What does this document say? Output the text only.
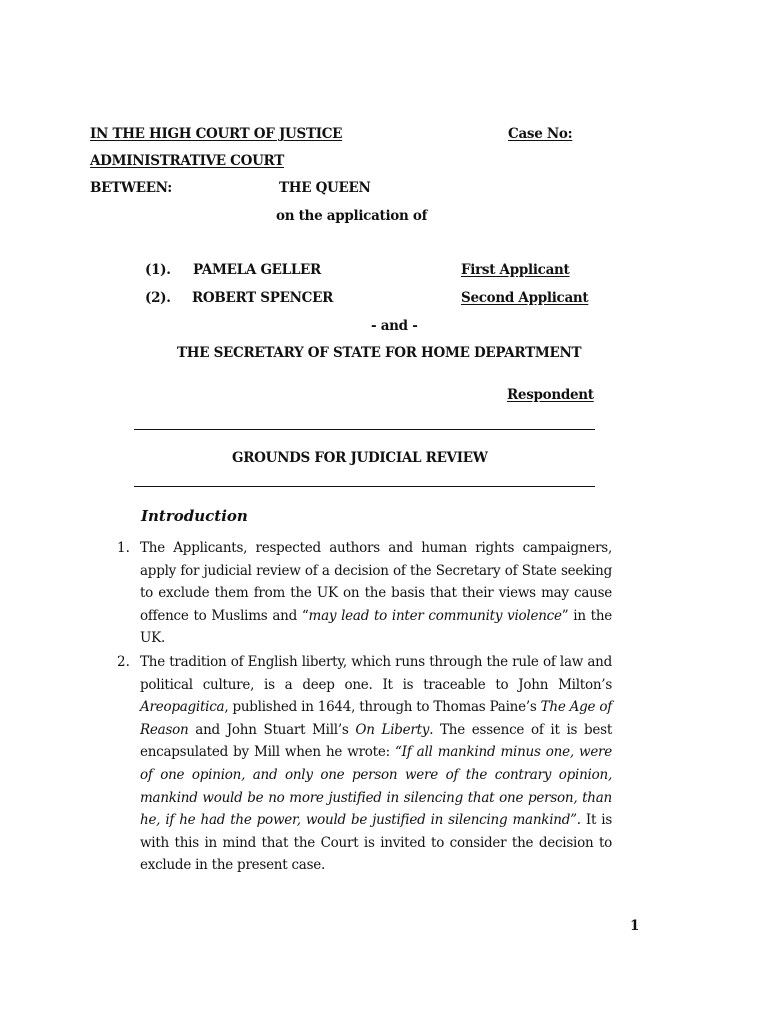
IN THE HIGH COURT OF JUSTICE	Case No:
ADMINISTRATIVE COURT
BETWEEN:	THE QUEEN
on the application of
(1). PAMELA GELLER	First Applicant
(2). ROBERT SPENCER	Second Applicant
- and -
THE SECRETARY OF STATE FOR HOME DEPARTMENT
Respondent
GROUNDS FOR JUDICIAL REVIEW
Introduction
1. The Applicants, respected authors and human rights campaigners, apply for judicial review of a decision of the Secretary of State seeking to exclude them from the UK on the basis that their views may cause offence to Muslims and “may lead to inter community violence” in the UK.
2. The tradition of English liberty, which runs through the rule of law and political culture, is a deep one. It is traceable to John Milton’s Areopagitica, published in 1644, through to Thomas Paine’s The Age of Reason and John Stuart Mill’s On Liberty. The essence of it is best encapsulated by Mill when he wrote: “If all mankind minus one, were of one opinion, and only one person were of the contrary opinion, mankind would be no more justified in silencing that one person, than he, if he had the power, would be justified in silencing mankind”. It is with this in mind that the Court is invited to consider the decision to exclude in the present case.
1
